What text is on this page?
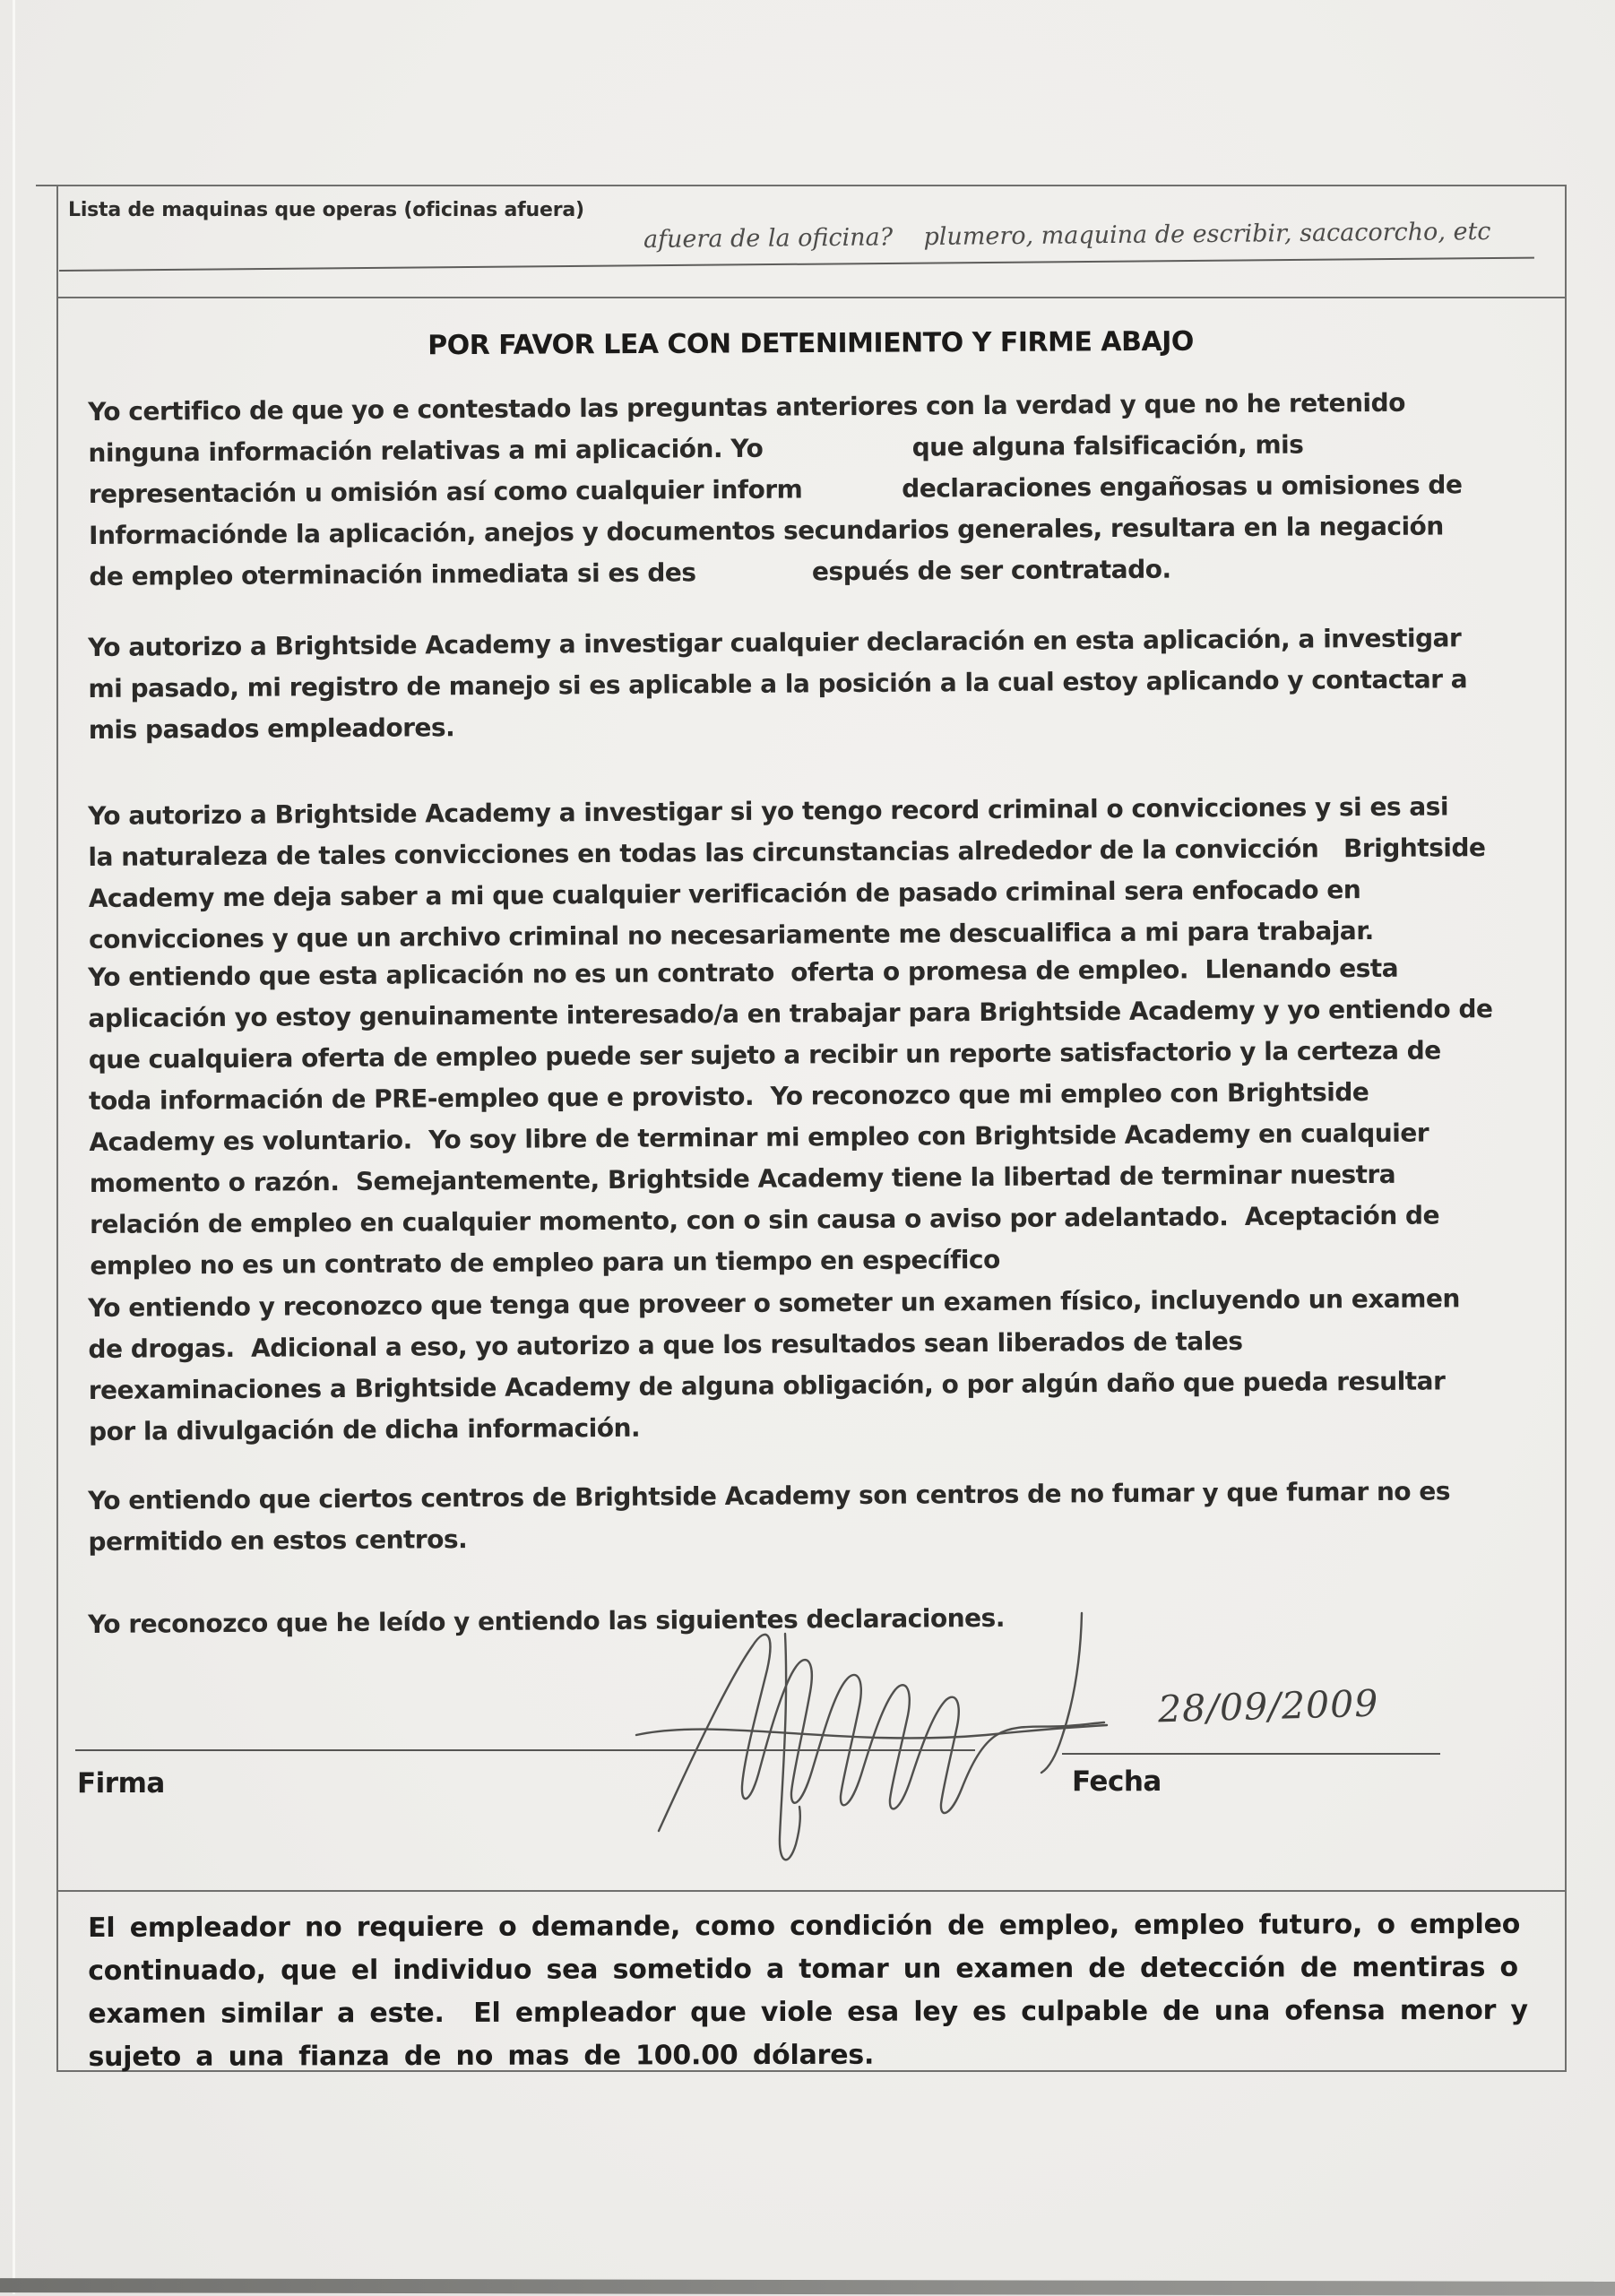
Lista de maquinas que operas (oficinas afuera)
afuera de la oficina?    plumero, maquina de escribir, sacacorcho, etc
POR FAVOR LEA CON DETENIMIENTO Y FIRME ABAJO
Yo certifico de que yo e contestado las preguntas anteriores con la verdad y que no he retenido
ninguna información relativas a mi aplicación. Yo                  que alguna falsificación, mis
representación u omisión así como cualquier inform            declaraciones engañosas u omisiones de
Informaciónde la aplicación, anejos y documentos secundarios generales, resultara en la negación
de empleo oterminación inmediata si es des              espués de ser contratado.
Yo autorizo a Brightside Academy a investigar cualquier declaración en esta aplicación, a investigar
mi pasado, mi registro de manejo si es aplicable a la posición a la cual estoy aplicando y contactar a
mis pasados empleadores.
Yo autorizo a Brightside Academy a investigar si yo tengo record criminal o convicciones y si es asi
la naturaleza de tales convicciones en todas las circunstancias alrededor de la convicción   Brightside
Academy me deja saber a mi que cualquier verificación de pasado criminal sera enfocado en
convicciones y que un archivo criminal no necesariamente me descualifica a mi para trabajar.
Yo entiendo que esta aplicación no es un contrato  oferta o promesa de empleo.  Llenando esta
aplicación yo estoy genuinamente interesado/a en trabajar para Brightside Academy y yo entiendo de
que cualquiera oferta de empleo puede ser sujeto a recibir un reporte satisfactorio y la certeza de
toda información de PRE-empleo que e provisto.  Yo reconozco que mi empleo con Brightside
Academy es voluntario.  Yo soy libre de terminar mi empleo con Brightside Academy en cualquier
momento o razón.  Semejantemente, Brightside Academy tiene la libertad de terminar nuestra
relación de empleo en cualquier momento, con o sin causa o aviso por adelantado.  Aceptación de
empleo no es un contrato de empleo para un tiempo en específico
Yo entiendo y reconozco que tenga que proveer o someter un examen físico, incluyendo un examen
de drogas.  Adicional a eso, yo autorizo a que los resultados sean liberados de tales
reexaminaciones a Brightside Academy de alguna obligación, o por algún daño que pueda resultar
por la divulgación de dicha información.
Yo entiendo que ciertos centros de Brightside Academy son centros de no fumar y que fumar no es
permitido en estos centros.
Yo reconozco que he leído y entiendo las siguientes declaraciones.
Firma	Fecha
28/09/2009
El empleador no requiere o demande, como condición de empleo, empleo futuro, o empleo
continuado, que el individuo sea sometido a tomar un examen de detección de mentiras o
examen similar a este.  El empleador que viole esa ley es culpable de una ofensa menor y
sujeto a una fianza de no mas de 100.00 dólares.
